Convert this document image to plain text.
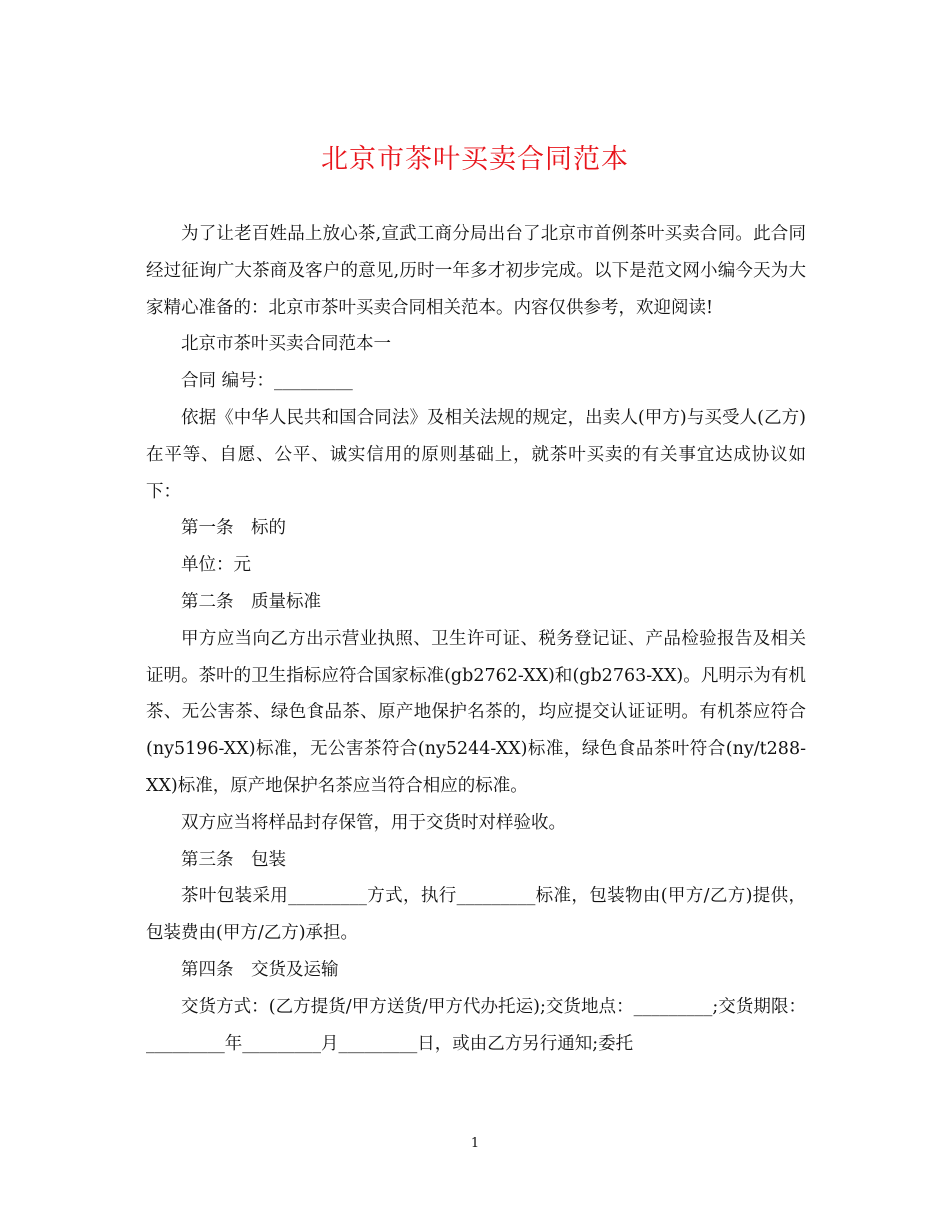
北京市茶叶买卖合同范本

为了让老百姓品上放心茶,宣武工商分局出台了北京市首例茶叶买卖合同。此合同经过征询广大茶商及客户的意见,历时一年多才初步完成。以下是范文网小编今天为大家精心准备的：北京市茶叶买卖合同相关范本。内容仅供参考，欢迎阅读!

北京市茶叶买卖合同范本一

合同 编号：_________

依据《中华人民共和国合同法》及相关法规的规定，出卖人(甲方)与买受人(乙方)在平等、自愿、公平、诚实信用的原则基础上，就茶叶买卖的有关事宜达成协议如下：

第一条　标的

单位：元

第二条　质量标准

甲方应当向乙方出示营业执照、卫生许可证、税务登记证、产品检验报告及相关证明。茶叶的卫生指标应符合国家标准(gb2762-XX)和(gb2763-XX)。凡明示为有机茶、无公害茶、绿色食品茶、原产地保护名茶的，均应提交认证证明。有机茶应符合(ny5196-XX)标准，无公害茶符合(ny5244-XX)标准，绿色食品茶叶符合(ny/t288-XX)标准，原产地保护名茶应当符合相应的标准。

双方应当将样品封存保管，用于交货时对样验收。

第三条　包装

茶叶包装采用_________方式，执行_________标准，包装物由(甲方/乙方)提供，包装费由(甲方/乙方)承担。

第四条　交货及运输

交货方式：(乙方提货/甲方送货/甲方代办托运);交货地点：_________;交货期限：_________年_________月_________日，或由乙方另行通知;委托

1
